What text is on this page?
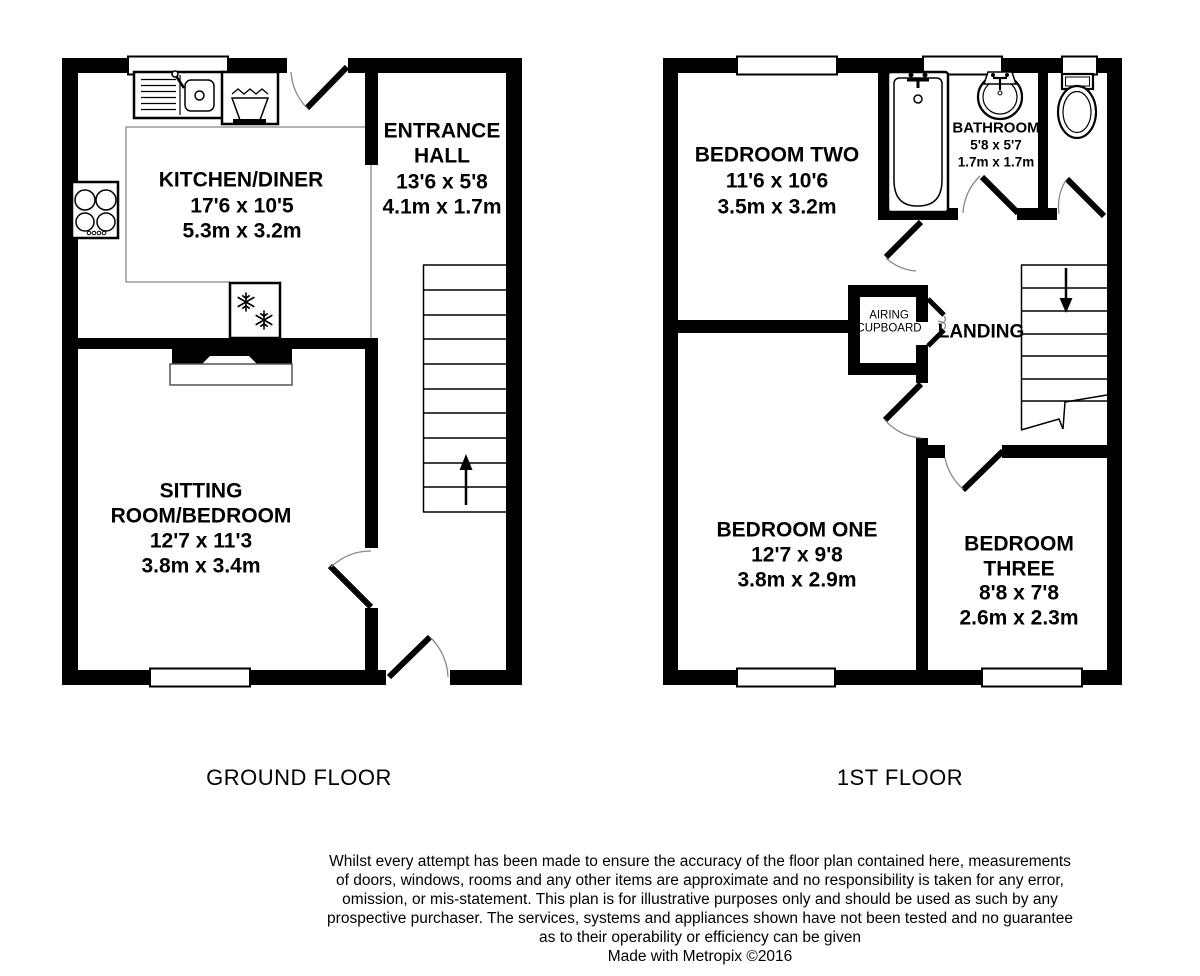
KITCHEN/DINER
17'6 x 10'5
5.3m x 3.2m
ENTRANCE
HALL
13'6 x 5'8
4.1m x 1.7m
SITTING
ROOM/BEDROOM
12'7 x 11'3
3.8m x 3.4m
BEDROOM TWO
11'6 x 10'6
3.5m x 3.2m
BATHROOM
5'8 x 5'7
1.7m x 1.7m
AIRING
CUPBOARD LANDING
BEDROOM ONE
12'7 x 9'8
3.8m x 2.9m
BEDROOM
THREE
8'8 x 7'8
2.6m x 2.3m
GROUND FLOOR	1ST FLOOR
Whilst every attempt has been made to ensure the accuracy of the floor plan contained here, measurements
of doors, windows, rooms and any other items are approximate and no responsibility is taken for any error,
omission, or mis-statement. This plan is for illustrative purposes only and should be used as such by any
prospective purchaser. The services, systems and appliances shown have not been tested and no guarantee
as to their operability or efficiency can be given
Made with Metropix ©2016
